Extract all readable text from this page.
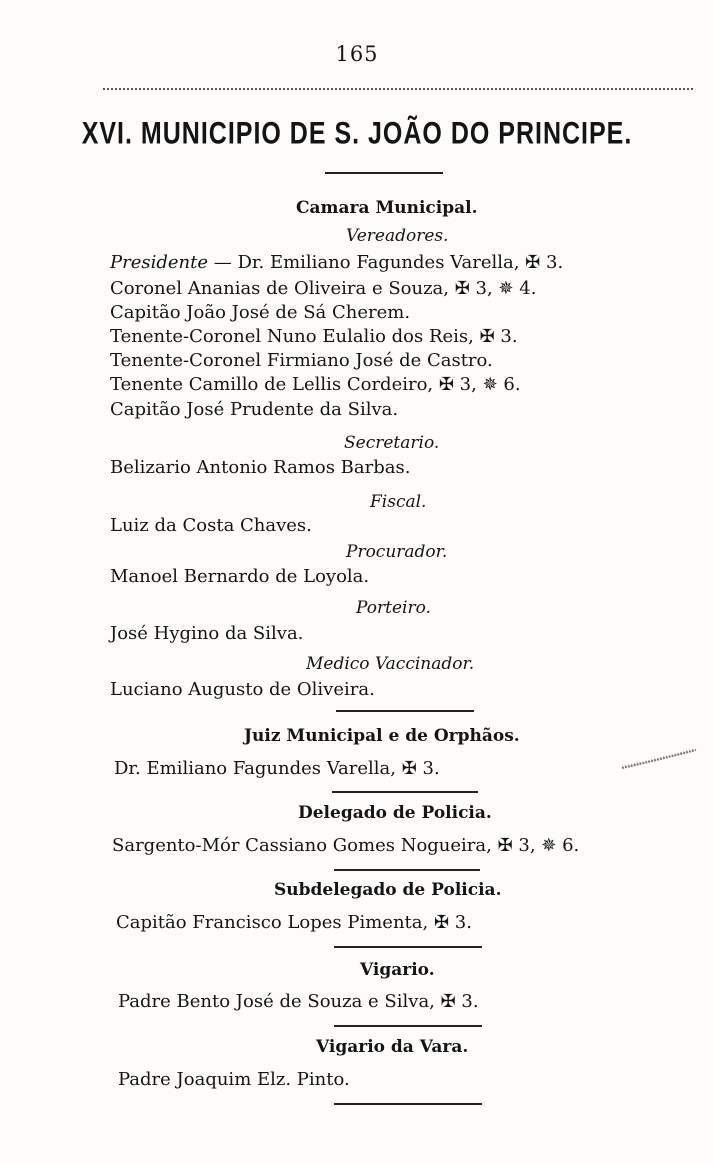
165
XVI. MUNICIPIO DE S. JOÃO DO PRINCIPE.
Camara Municipal.
Vereadores.
Presidente — Dr. Emiliano Fagundes Varella, ✠ 3.
Coronel Ananias de Oliveira e Souza, ✠ 3, ✵ 4.
Capitão João José de Sá Cherem.
Tenente-Coronel Nuno Eulalio dos Reis, ✠ 3.
Tenente-Coronel Firmiano José de Castro.
Tenente Camillo de Lellis Cordeiro, ✠ 3, ✵ 6.
Capitão José Prudente da Silva.
Secretario.
Belizario Antonio Ramos Barbas.
Fiscal.
Luiz da Costa Chaves.
Procurador.
Manoel Bernardo de Loyola.
Porteiro.
José Hygino da Silva.
Medico Vaccinador.
Luciano Augusto de Oliveira.
Juiz Municipal e de Orphãos.
Dr. Emiliano Fagundes Varella, ✠ 3.
Delegado de Policia.
Sargento-Mór Cassiano Gomes Nogueira, ✠ 3, ✵ 6.
Subdelegado de Policia.
Capitão Francisco Lopes Pimenta, ✠ 3.
Vigario.
Padre Bento José de Souza e Silva, ✠ 3.
Vigario da Vara.
Padre Joaquim Elz. Pinto.
